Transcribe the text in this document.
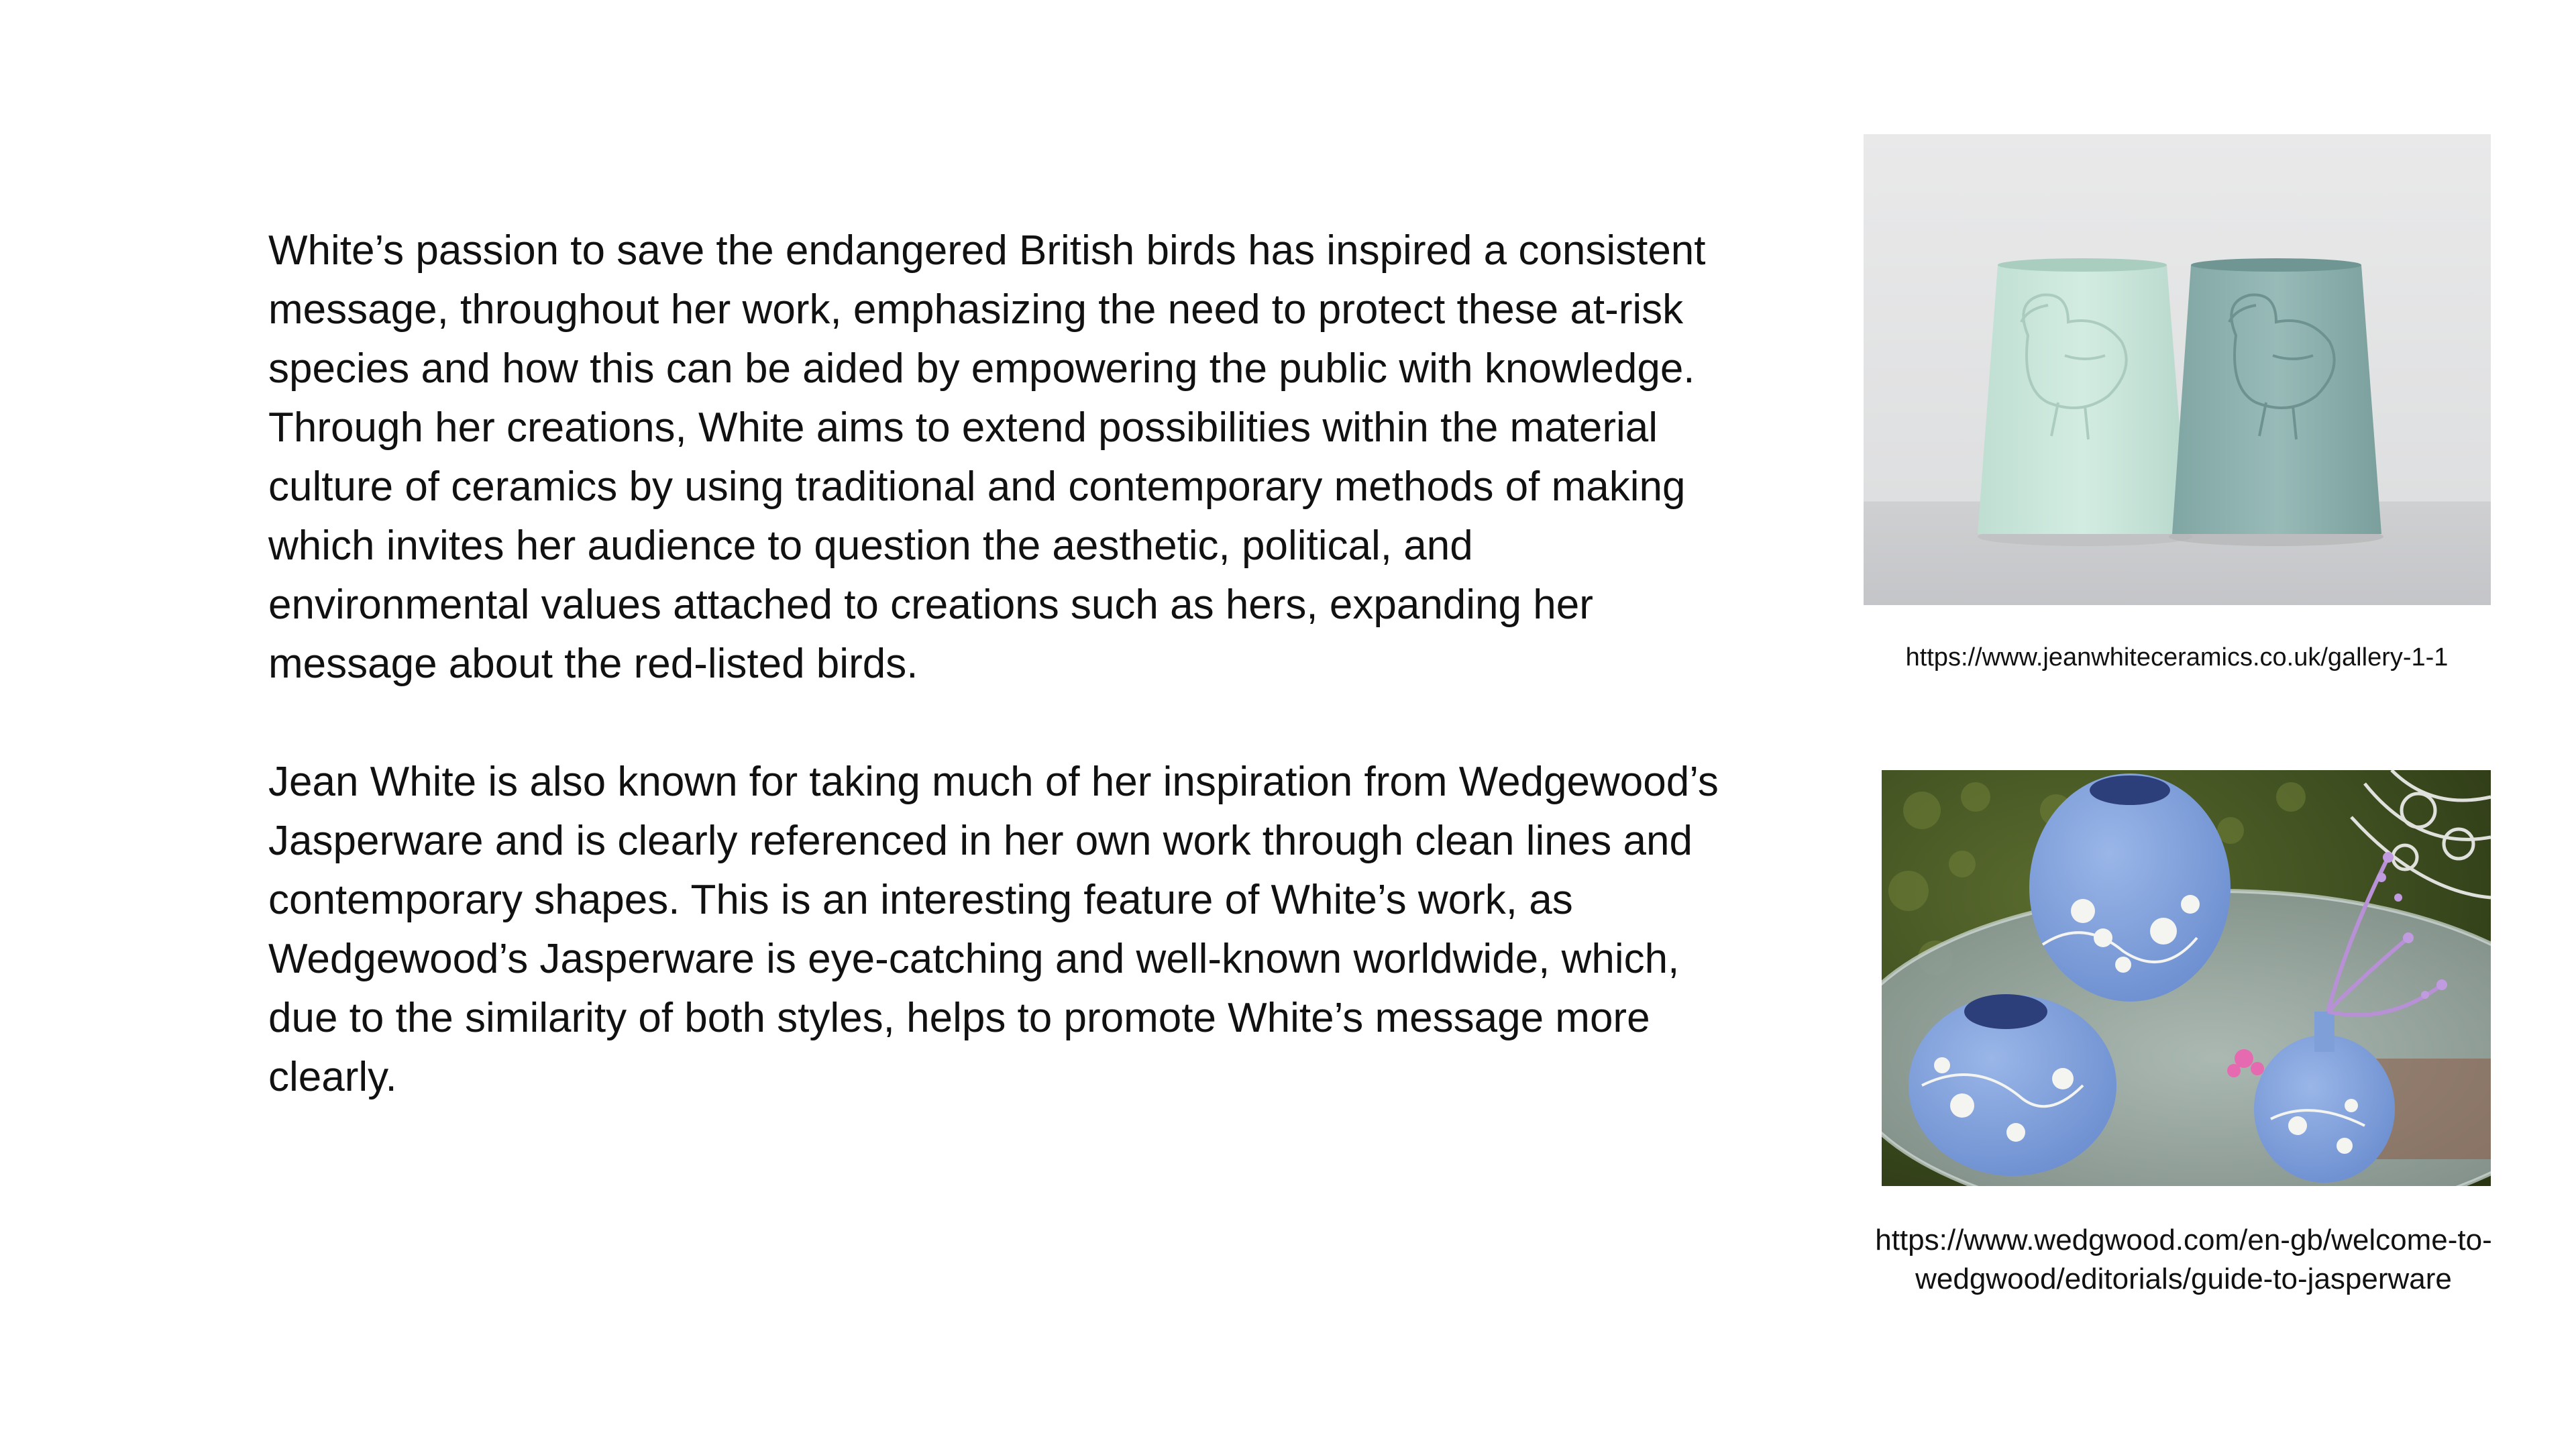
White’s passion to save the endangered British birds has inspired a consistent message, throughout her work, emphasizing the need to protect these at-risk species and how this can be aided by empowering the public with knowledge. Through her creations, White aims to extend possibilities within the material culture of ceramics by using traditional and contemporary methods of making which invites her audience to question the aesthetic, political, and environmental values attached to creations such as hers, expanding her message about the red-listed birds.

Jean White is also known for taking much of her inspiration from Wedgewood’s Jasperware and is clearly referenced in her own work through clean lines and contemporary shapes. This is an interesting feature of White’s work, as Wedgewood’s Jasperware is eye-catching and well-known worldwide, which, due to the similarity of both styles, helps to promote White’s message more clearly.

https://www.jeanwhiteceramics.co.uk/gallery-1-1
https://www.wedgwood.com/en-gb/welcome-to-wedgwood/editorials/guide-to-jasperware
